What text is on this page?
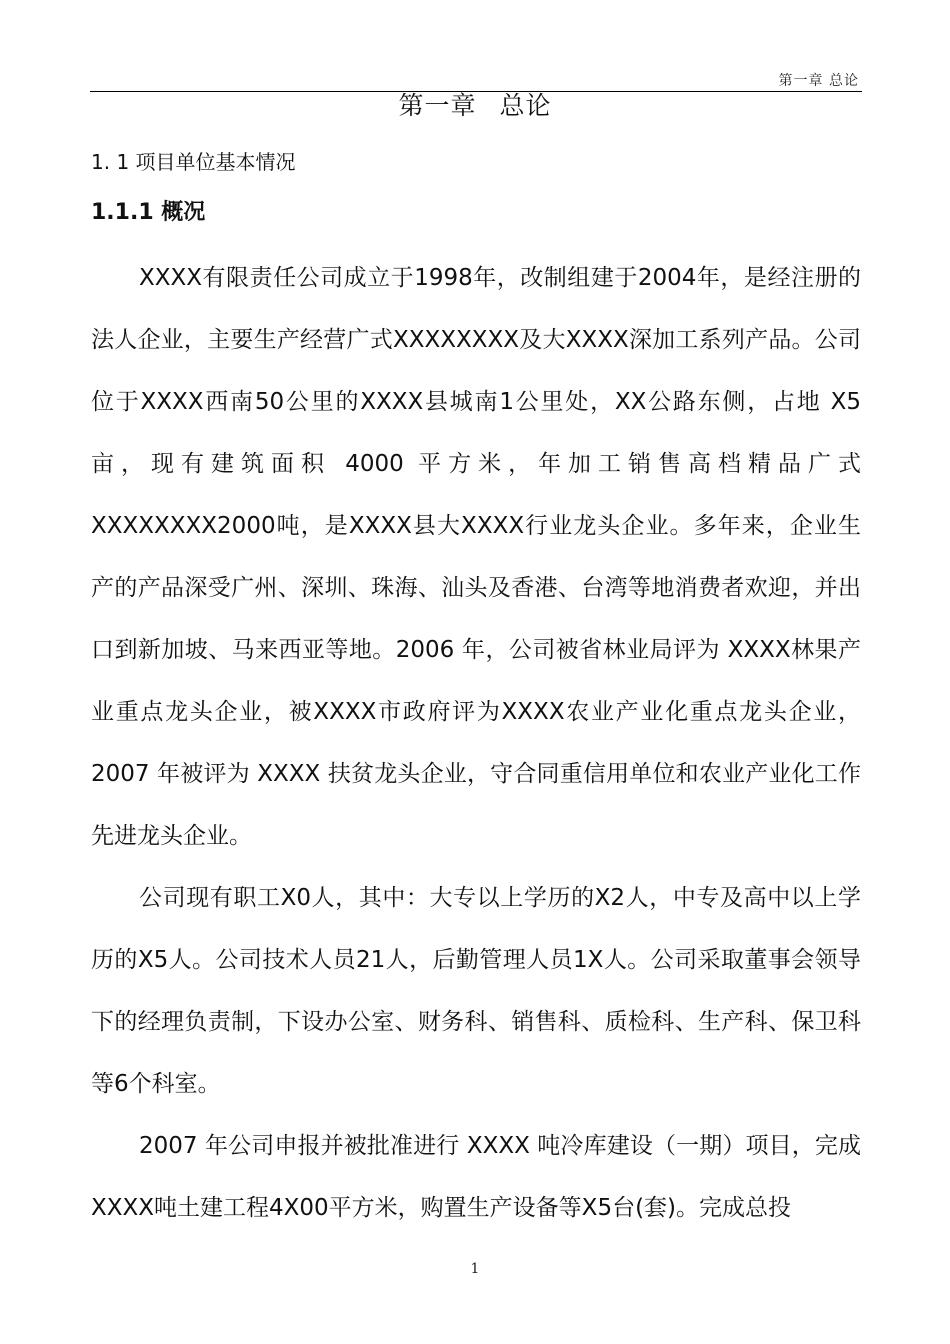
第一章 总论
第一章 总论
1. 1 项目单位基本情况
1.1.1 概况

XXXX有限责任公司成立于1998年，改制组建于2004年，是经注册的法人企业，主要生产经营广式XXXXXXXX及大XXXX深加工系列产品。公司位于XXXX西南50公里的XXXX县城南1公里处，XX公路东侧，占地 X5 亩，现有建筑面积 4000 平方米，年加工销售高档精品广式XXXXXXXX2000吨，是XXXX县大XXXX行业龙头企业。多年来，企业生产的产品深受广州、深圳、珠海、汕头及香港、台湾等地消费者欢迎，并出口到新加坡、马来西亚等地。2006 年，公司被省林业局评为 XXXX林果产业重点龙头企业，被XXXX市政府评为XXXX农业产业化重点龙头企业，2007 年被评为 XXXX 扶贫龙头企业，守合同重信用单位和农业产业化工作先进龙头企业。

公司现有职工X0人，其中：大专以上学历的X2人，中专及高中以上学历的X5人。公司技术人员21人，后勤管理人员1X人。公司采取董事会领导下的经理负责制，下设办公室、财务科、销售科、质检科、生产科、保卫科等6个科室。

2007 年公司申报并被批准进行 XXXX 吨冷库建设（一期）项目，完成XXXX吨土建工程4X00平方米，购置生产设备等X5台(套)。完成总投

1
